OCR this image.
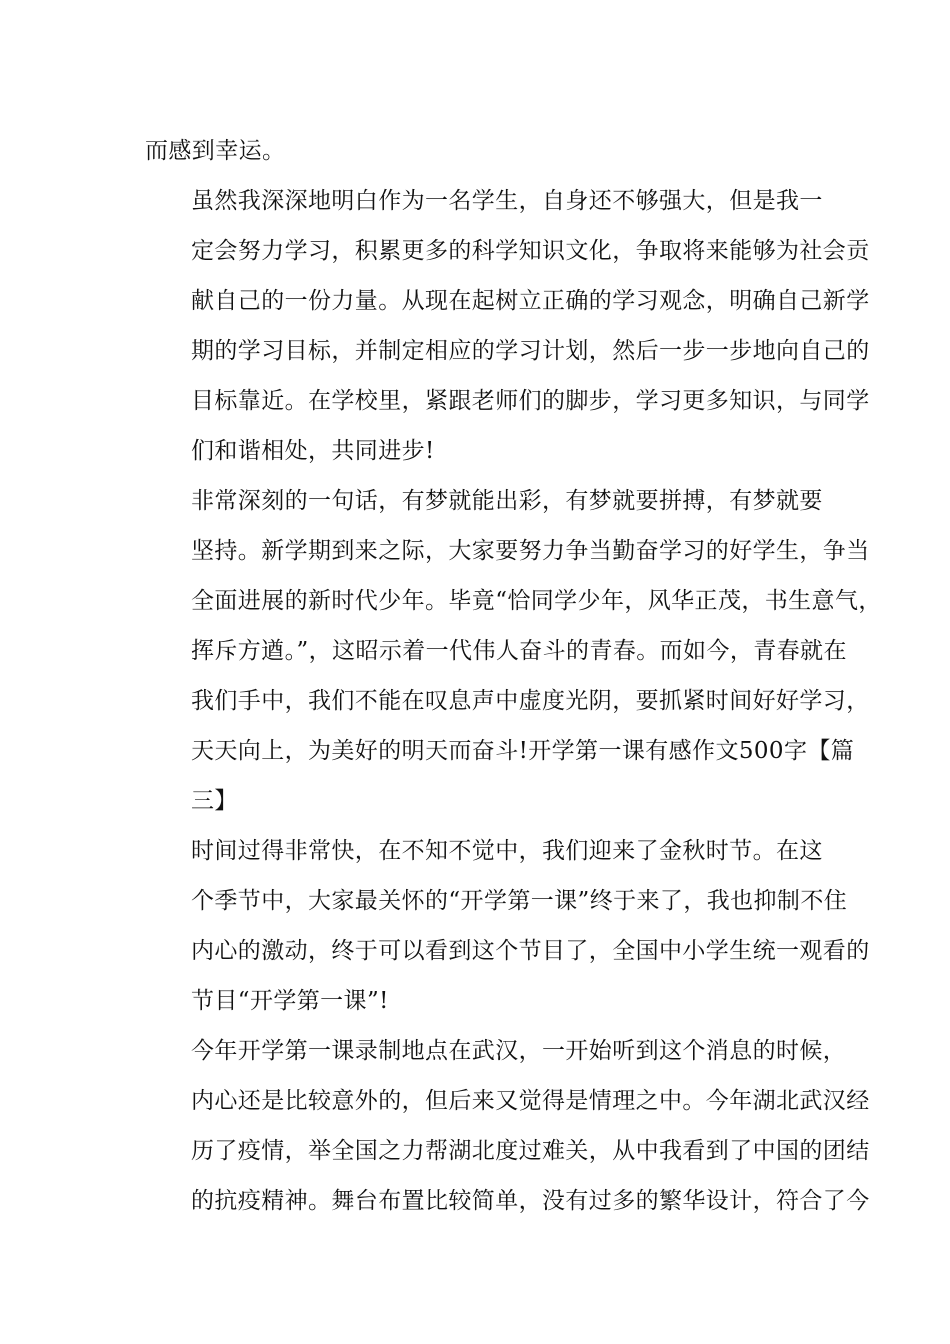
而感到幸运。

虽然我深深地明白作为一名学生，自身还不够强大，但是我一
定会努力学习，积累更多的科学知识文化，争取将来能够为社会贡
献自己的一份力量。从现在起树立正确的学习观念，明确自己新学
期的学习目标，并制定相应的学习计划，然后一步一步地向自己的
目标靠近。在学校里，紧跟老师们的脚步，学习更多知识，与同学
们和谐相处，共同进步!

非常深刻的一句话，有梦就能出彩，有梦就要拼搏，有梦就要
坚持。新学期到来之际，大家要努力争当勤奋学习的好学生，争当
全面进展的新时代少年。毕竟“恰同学少年，风华正茂，书生意气，
挥斥方遒。”，这昭示着一代伟人奋斗的青春。而如今，青春就在
我们手中，我们不能在叹息声中虚度光阴，要抓紧时间好好学习，
天天向上，为美好的明天而奋斗!开学第一课有感作文500字【篇
三】

时间过得非常快，在不知不觉中，我们迎来了金秋时节。在这
个季节中，大家最关怀的“开学第一课”终于来了，我也抑制不住
内心的激动，终于可以看到这个节目了，全国中小学生统一观看的
节目“开学第一课”!

今年开学第一课录制地点在武汉，一开始听到这个消息的时候，
内心还是比较意外的，但后来又觉得是情理之中。今年湖北武汉经
历了疫情，举全国之力帮湖北度过难关，从中我看到了中国的团结
的抗疫精神。舞台布置比较简单，没有过多的繁华设计，符合了今
